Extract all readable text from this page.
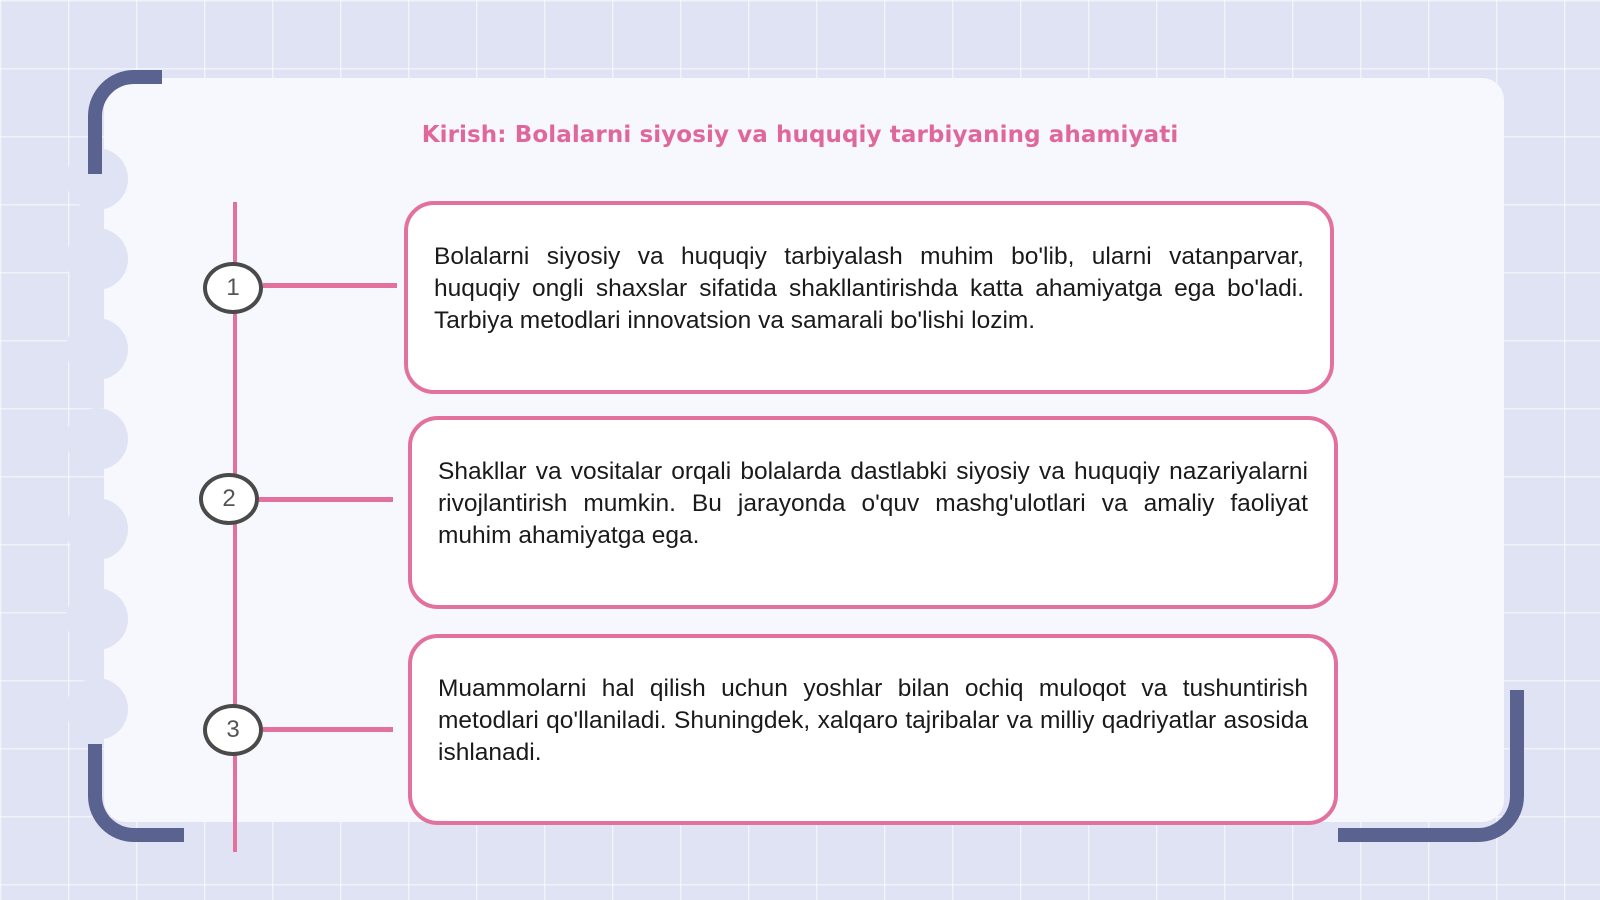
Kirish: Bolalarni siyosiy va huquqiy tarbiyaning ahamiyati
1
Bolalarni siyosiy va huquqiy tarbiyalash muhim bo'lib, ularni vatanparvar, huquqiy ongli shaxslar sifatida shakllantirishda katta ahamiyatga ega bo'ladi. Tarbiya metodlari innovatsion va samarali bo'lishi lozim.
2
Shakllar va vositalar orqali bolalarda dastlabki siyosiy va huquqiy nazariyalarni rivojlantirish mumkin. Bu jarayonda o'quv mashg'ulotlari va amaliy faoliyat muhim ahamiyatga ega.
3
Muammolarni hal qilish uchun yoshlar bilan ochiq muloqot va tushuntirish metodlari qo'llaniladi. Shuningdek, xalqaro tajribalar va milliy qadriyatlar asosida ishlanadi.
